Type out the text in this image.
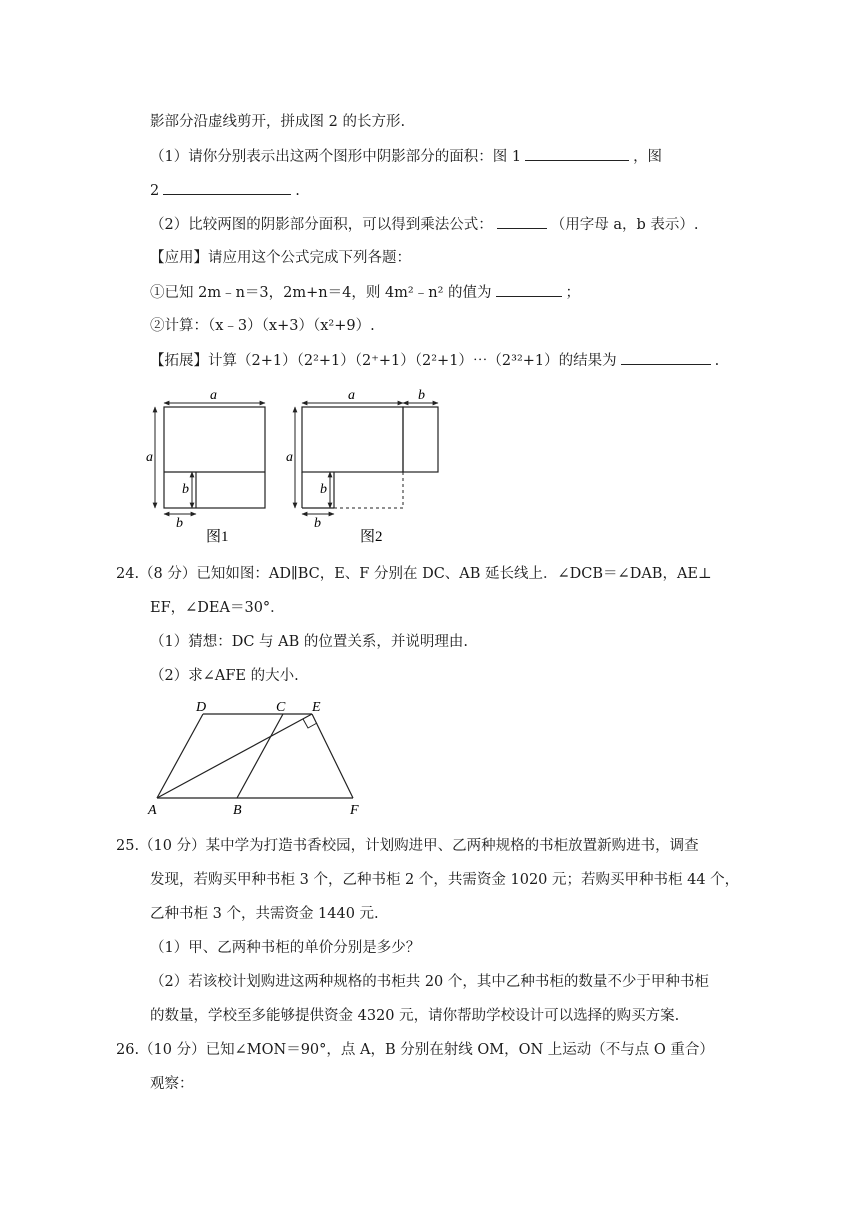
影部分沿虚线剪开，拼成图 2 的长方形.
（1）请你分别表示出这两个图形中阴影部分的面积：图 1	，图
2	.
（2）比较两图的阴影部分面积，可以得到乘法公式：	（用字母 a，b 表示）.
【应用】请应用这个公式完成下列各题：
①已知 2m﹣n＝3，2m+n＝4，则 4m²﹣n² 的值为	；
②计算：（x﹣3）（x+3）（x²+9）.
【拓展】计算（2+1）（2²+1）（2⁺+1）（2²+1）⋯（2³²+1）的结果为	.
a
a
b
b
图1
a	b
a
b
b
图2
24.（8 分）已知如图：AD∥BC，E、F 分别在 DC、AB 延长线上．∠DCB＝∠DAB，AE⊥
EF，∠DEA＝30°．
（1）猜想：DC 与 AB 的位置关系，并说明理由.
（2）求∠AFE 的大小.
D	C E
A	B	F
25.（10 分）某中学为打造书香校园，计划购进甲、乙两种规格的书柜放置新购进书，调查
发现，若购买甲种书柜 3 个，乙种书柜 2 个，共需资金 1020 元；若购买甲种书柜 44 个，
乙种书柜 3 个，共需资金 1440 元.
（1）甲、乙两种书柜的单价分别是多少？
（2）若该校计划购进这两种规格的书柜共 20 个，其中乙种书柜的数量不少于甲种书柜
的数量，学校至多能够提供资金 4320 元，请你帮助学校设计可以选择的购买方案.
26.（10 分）已知∠MON＝90°，点 A，B 分别在射线 OM，ON 上运动（不与点 O 重合）
观察：
